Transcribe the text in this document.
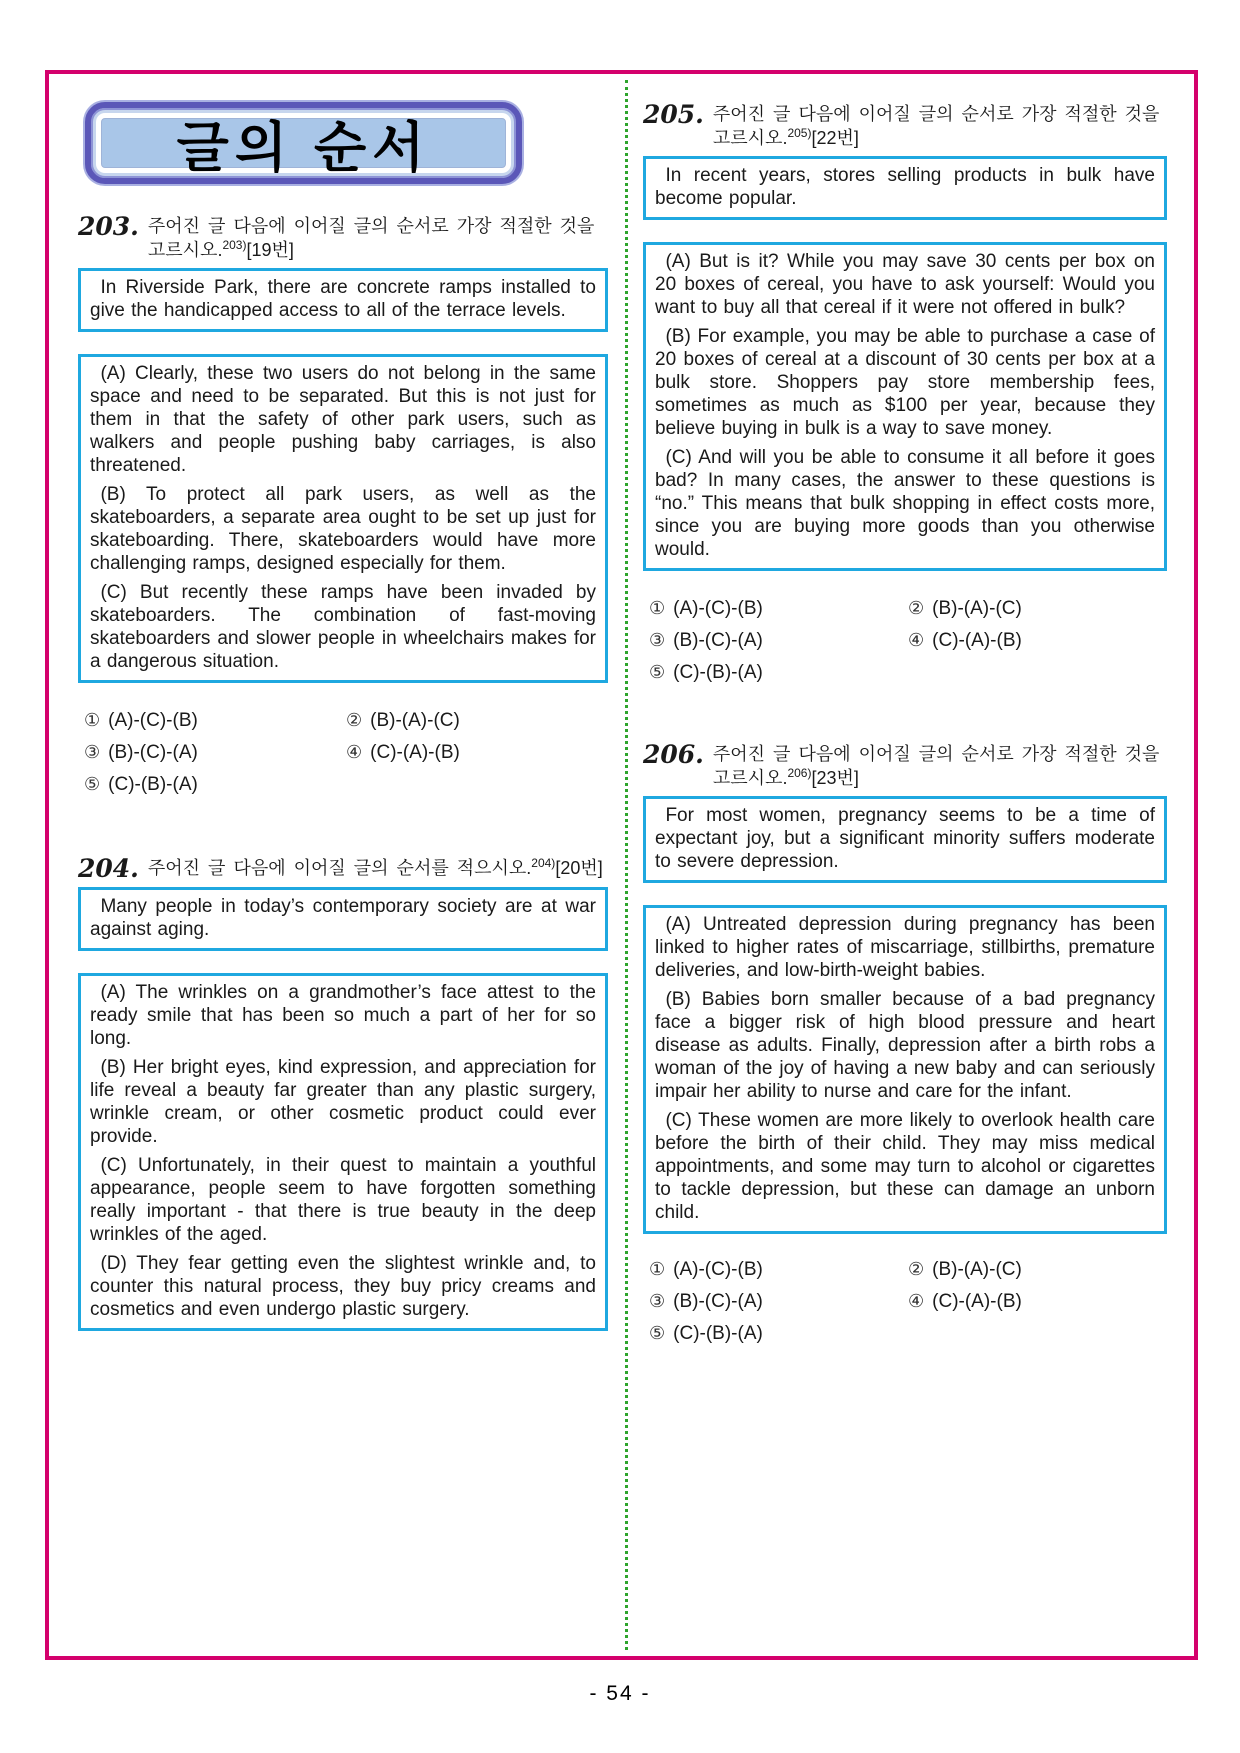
글의 순서
203. 주어진 글 다음에 이어질 글의 순서로 가장 적절한 것을 고르시오.$^{203)}$[19번]

In Riverside Park, there are concrete ramps installed to give the handicapped access to all of the terrace levels.

(A) Clearly, these two users do not belong in the same space and need to be separated. But this is not just for them in that the safety of other park users, such as walkers and people pushing baby carriages, is also threatened.

(B) To protect all park users, as well as the skateboarders, a separate area ought to be set up just for skateboarding. There, skateboarders would have more challenging ramps, designed especially for them.

(C) But recently these ramps have been invaded by skateboarders. The combination of fast-moving skateboarders and slower people in wheelchairs makes for a dangerous situation.

① (A)-(C)-(B)	② (B)-(A)-(C)
③ (B)-(C)-(A)	④ (C)-(A)-(B)
⑤ (C)-(B)-(A)
204. 주어진 글 다음에 이어질 글의 순서를 적으시오.$^{204)}$[20번]

Many people in today’s contemporary society are at war against aging.

(A) The wrinkles on a grandmother’s face attest to the ready smile that has been so much a part of her for so long.

(B) Her bright eyes, kind expression, and appreciation for life reveal a beauty far greater than any plastic surgery, wrinkle cream, or other cosmetic product could ever provide.

(C) Unfortunately, in their quest to maintain a youthful appearance, people seem to have forgotten something really important - that there is true beauty in the deep wrinkles of the aged.

(D) They fear getting even the slightest wrinkle and, to counter this natural process, they buy pricy creams and cosmetics and even undergo plastic surgery.

205. 주어진 글 다음에 이어질 글의 순서로 가장 적절한 것을 고르시오.$^{205)}$[22번]

In recent years, stores selling products in bulk have become popular.

(A) But is it? While you may save 30 cents per box on 20 boxes of cereal, you have to ask yourself: Would you want to buy all that cereal if it were not offered in bulk?

(B) For example, you may be able to purchase a case of 20 boxes of cereal at a discount of 30 cents per box at a bulk store. Shoppers pay store membership fees, sometimes as much as $100 per year, because they believe buying in bulk is a way to save money.

(C) And will you be able to consume it all before it goes bad? In many cases, the answer to these questions is “no.” This means that bulk shopping in effect costs more, since you are buying more goods than you otherwise would.

① (A)-(C)-(B)	② (B)-(A)-(C)
③ (B)-(C)-(A)	④ (C)-(A)-(B)
⑤ (C)-(B)-(A)
206. 주어진 글 다음에 이어질 글의 순서로 가장 적절한 것을 고르시오.$^{206)}$[23번]

For most women, pregnancy seems to be a time of expectant joy, but a significant minority suffers moderate to severe depression.

(A) Untreated depression during pregnancy has been linked to higher rates of miscarriage, stillbirths, premature deliveries, and low-birth-weight babies.

(B) Babies born smaller because of a bad pregnancy face a bigger risk of high blood pressure and heart disease as adults. Finally, depression after a birth robs a woman of the joy of having a new baby and can seriously impair her ability to nurse and care for the infant.

(C) These women are more likely to overlook health care before the birth of their child. They may miss medical appointments, and some may turn to alcohol or cigarettes to tackle depression, but these can damage an unborn child.

① (A)-(C)-(B)	② (B)-(A)-(C)
③ (B)-(C)-(A)	④ (C)-(A)-(B)
⑤ (C)-(B)-(A)
- 54 -
